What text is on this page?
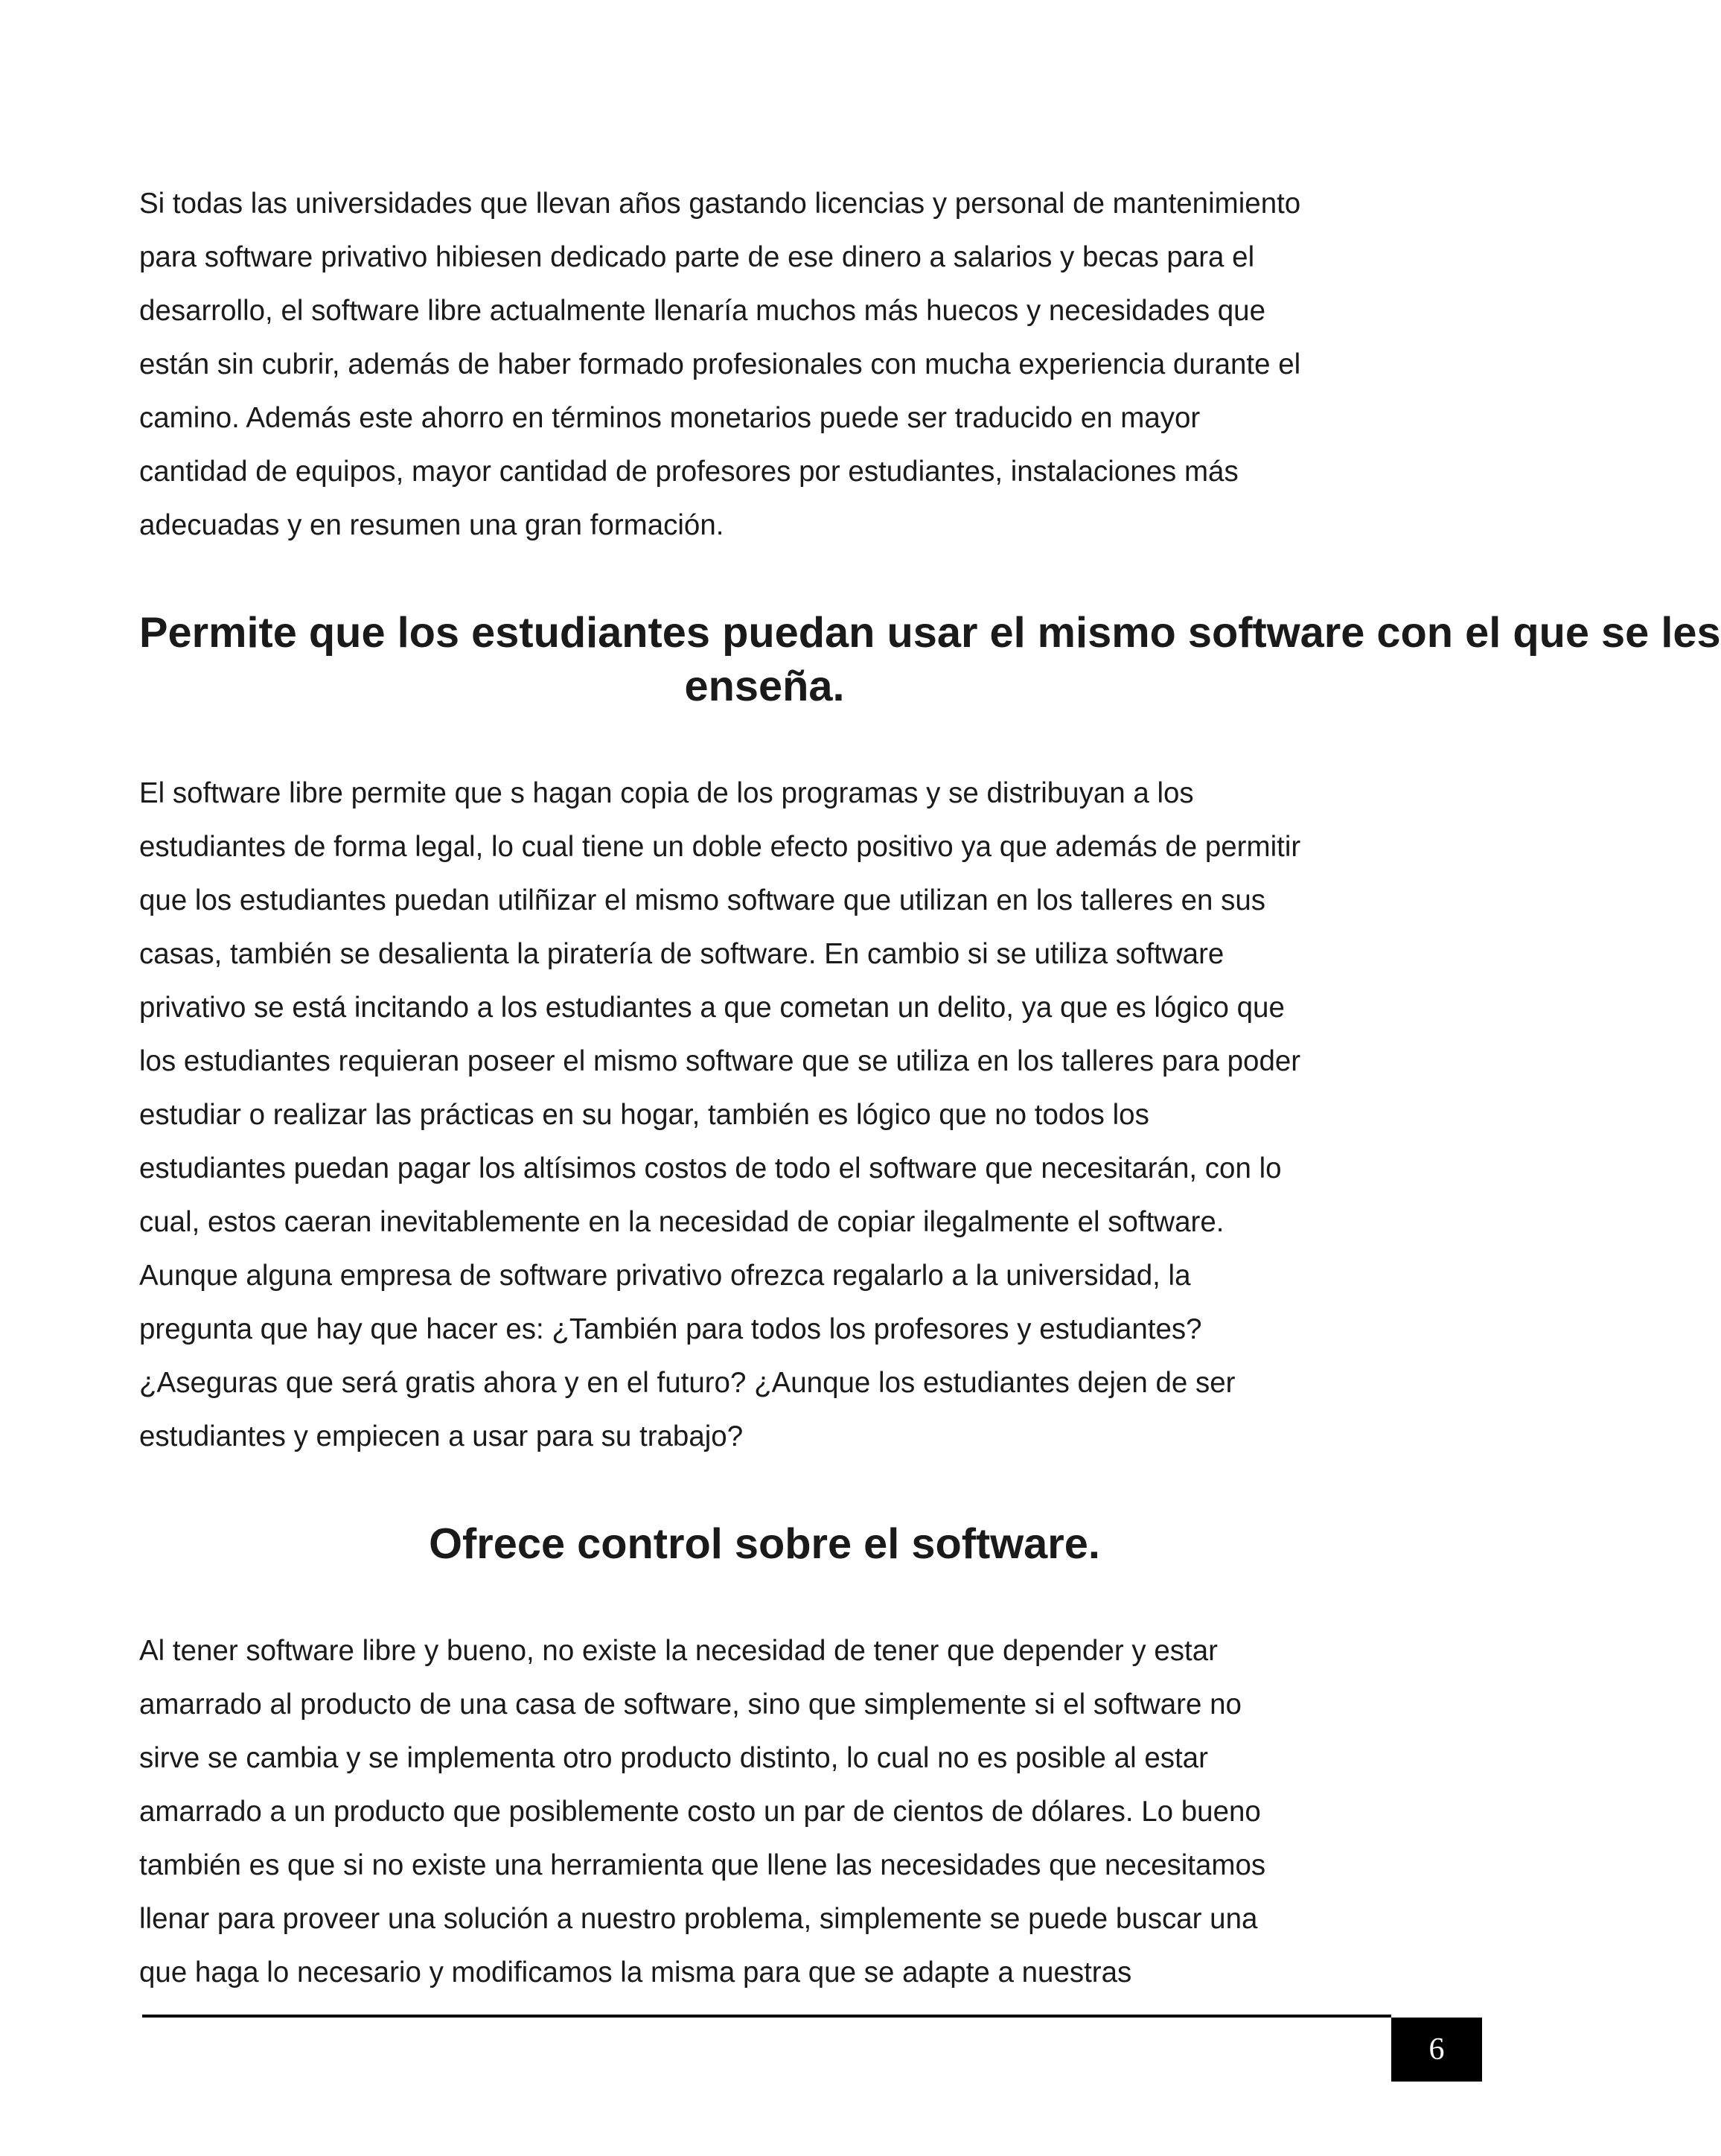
Si todas las universidades que llevan años gastando licencias y personal de mantenimiento
para software privativo hibiesen dedicado parte de ese dinero a salarios y becas para el
desarrollo, el software libre actualmente llenaría muchos más huecos y necesidades que
están sin cubrir, además de haber formado profesionales con mucha experiencia durante el
camino. Además este ahorro en términos monetarios puede ser traducido en mayor
cantidad de equipos, mayor cantidad de profesores por estudiantes, instalaciones más
adecuadas y en resumen una gran formación.

Permite que los estudiantes puedan usar el mismo software con el que se les
enseña.

El software libre permite que s hagan copia de los programas y se distribuyan a los
estudiantes de forma legal, lo cual tiene un doble efecto positivo ya que además de permitir
que los estudiantes puedan utilñizar el mismo software que utilizan en los talleres en sus
casas, también se desalienta la piratería de software. En cambio si se utiliza software
privativo se está incitando a los estudiantes a que cometan un delito, ya que es lógico que
los estudiantes requieran poseer el mismo software que se utiliza en los talleres para poder
estudiar o realizar las prácticas en su hogar, también es lógico que no todos los
estudiantes puedan pagar los altísimos costos de todo el software que necesitarán, con lo
cual, estos caeran inevitablemente en la necesidad de copiar ilegalmente el software.
Aunque alguna empresa de software privativo ofrezca regalarlo a la universidad, la
pregunta que hay que hacer es: ¿También para todos los profesores y estudiantes?
¿Aseguras que será gratis ahora y en el futuro? ¿Aunque los estudiantes dejen de ser
estudiantes y empiecen a usar para su trabajo?

Ofrece control sobre el software.

Al tener software libre y bueno, no existe la necesidad de tener que depender y estar
amarrado al producto de una casa de software, sino que simplemente si el software no
sirve se cambia y se implementa otro producto distinto, lo cual no es posible al estar
amarrado a un producto que posiblemente costo un par de cientos de dólares. Lo bueno
también es que si no existe una herramienta que llene las necesidades que necesitamos
llenar para proveer una solución a nuestro problema, simplemente se puede buscar una
que haga lo necesario y modificamos la misma para que se adapte a nuestras

6
